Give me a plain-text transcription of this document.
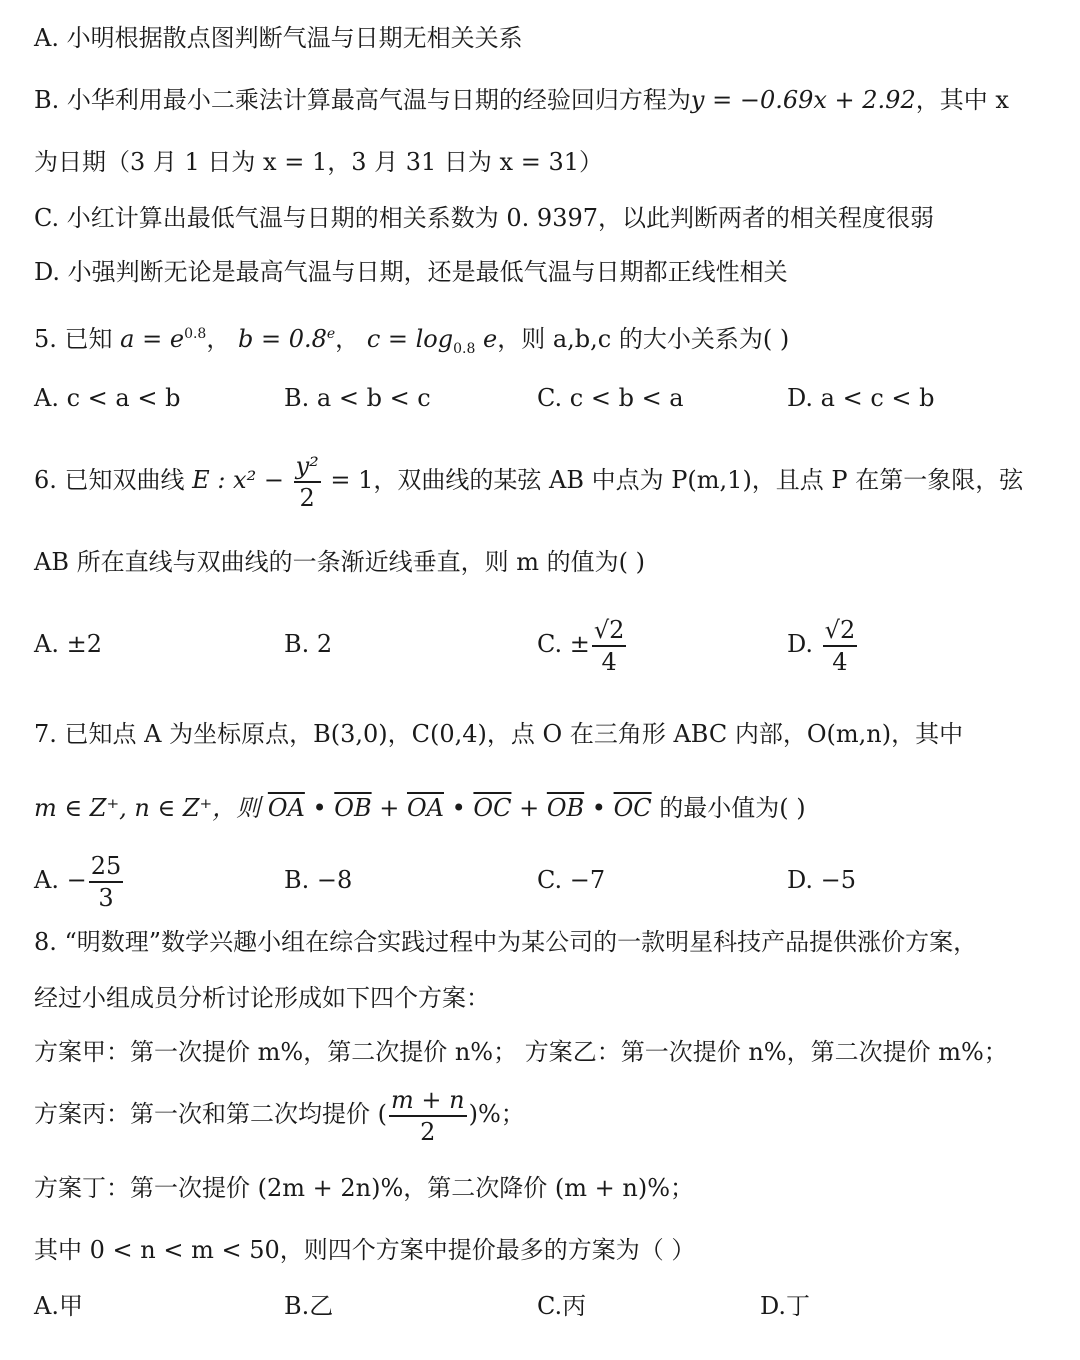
A. 小明根据散点图判断气温与日期无相关关系
B. 小华利用最小二乘法计算最高气温与日期的经验回归方程为y = −0.69x + 2.92，其中 x
为日期（3 月 1 日为 x = 1，3 月 31 日为 x = 31）
C. 小红计算出最低气温与日期的相关系数为 0. 9397，以此判断两者的相关程度很弱
D. 小强判断无论是最高气温与日期，还是最低气温与日期都正线性相关
5. 已知 $a = e^{0.8}$， b = 0.8$^e$， $c = \log_{0.8} e$，则 a,b,c 的大小关系为( )
A. c < a < b	B. a < b < c	C. c < b < a	D. a < c < b
6. 已知双曲线 E : $x^2 - \frac{\text{y²}}{2} = 1$，双曲线的某弦 AB 中点为 P(m,1)，且点 P 在第一象限，弦
AB 所在直线与双曲线的一条渐近线垂直，则 m 的值为( )
A. ±2	B. 2	C. ± $\frac{√2}{4}$	D. $\frac{√2}{4}$
7. 已知点 A 为坐标原点，B(3,0)，C(0,4)，点 O 在三角形 ABC 内部，O(m,n)，其中
m ∈ Z⁺, n ∈ Z⁺，则 $\overline{OA}$ • $\overline{OB} + \overline{OA}$ • $\overline{OC} + \overline{OB}$ • $\overline{OC}$ 的最小值为( )
A. − $\frac{25}{3}$	B. −8	C. −7	D. −5
8. “明数理”数学兴趣小组在综合实践过程中为某公司的一款明星科技产品提供涨价方案，
经过小组成员分析讨论形成如下四个方案：
方案甲：第一次提价 m%，第二次提价 n%； 方案乙：第一次提价 n%，第二次提价 m%；
方案丙：第一次和第二次均提价 ( $\frac{m + n}{2}$ )%；
方案丁：第一次提价 (2m + 2n)%，第二次降价 (m + n)%；
其中 0 < n < m < 50，则四个方案中提价最多的方案为（ ）
A.甲	B.乙	C.丙	D.丁
